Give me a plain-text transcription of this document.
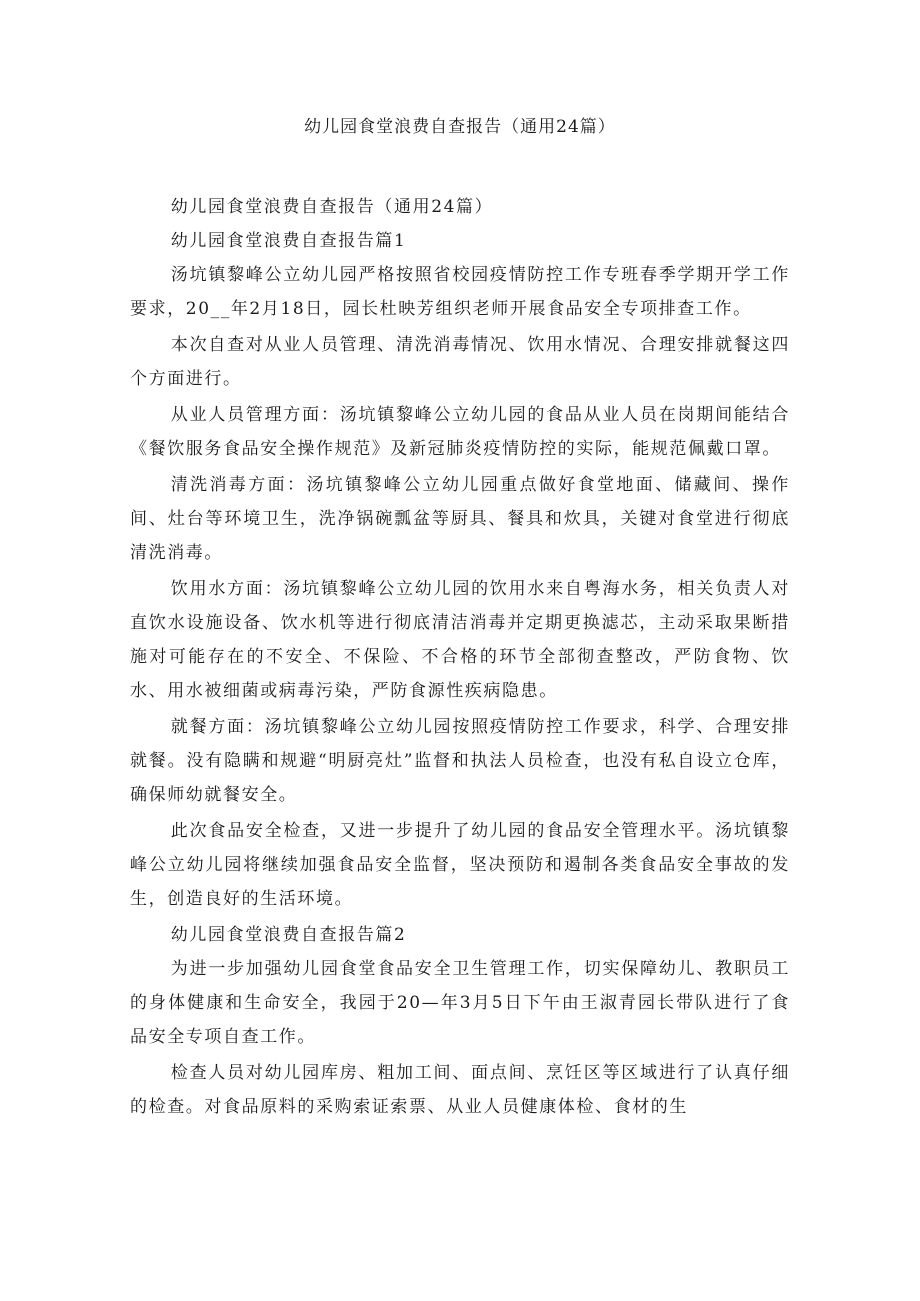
幼儿园食堂浪费自查报告（通用24篇）

幼儿园食堂浪费自查报告（通用24篇）

幼儿园食堂浪费自查报告篇1

汤坑镇黎峰公立幼儿园严格按照省校园疫情防控工作专班春季学期开学工作要求，20__年2月18日，园长杜映芳组织老师开展食品安全专项排查工作。

本次自查对从业人员管理、清洗消毒情况、饮用水情况、合理安排就餐这四个方面进行。

从业人员管理方面：汤坑镇黎峰公立幼儿园的食品从业人员在岗期间能结合《餐饮服务食品安全操作规范》及新冠肺炎疫情防控的实际，能规范佩戴口罩。

清洗消毒方面：汤坑镇黎峰公立幼儿园重点做好食堂地面、储藏间、操作间、灶台等环境卫生，洗净锅碗瓢盆等厨具、餐具和炊具，关键对食堂进行彻底清洗消毒。

饮用水方面：汤坑镇黎峰公立幼儿园的饮用水来自粤海水务，相关负责人对直饮水设施设备、饮水机等进行彻底清洁消毒并定期更换滤芯，主动采取果断措施对可能存在的不安全、不保险、不合格的环节全部彻查整改，严防食物、饮水、用水被细菌或病毒污染，严防食源性疾病隐患。

就餐方面：汤坑镇黎峰公立幼儿园按照疫情防控工作要求，科学、合理安排就餐。没有隐瞒和规避“明厨亮灶”监督和执法人员检查，也没有私自设立仓库，确保师幼就餐安全。

此次食品安全检查，又进一步提升了幼儿园的食品安全管理水平。汤坑镇黎峰公立幼儿园将继续加强食品安全监督，坚决预防和遏制各类食品安全事故的发生，创造良好的生活环境。

幼儿园食堂浪费自查报告篇2

为进一步加强幼儿园食堂食品安全卫生管理工作，切实保障幼儿、教职员工的身体健康和生命安全，我园于20—年3月5日下午由王淑青园长带队进行了食品安全专项自查工作。

检查人员对幼儿园库房、粗加工间、面点间、烹饪区等区域进行了认真仔细的检查。对食品原料的采购索证索票、从业人员健康体检、食材的生
